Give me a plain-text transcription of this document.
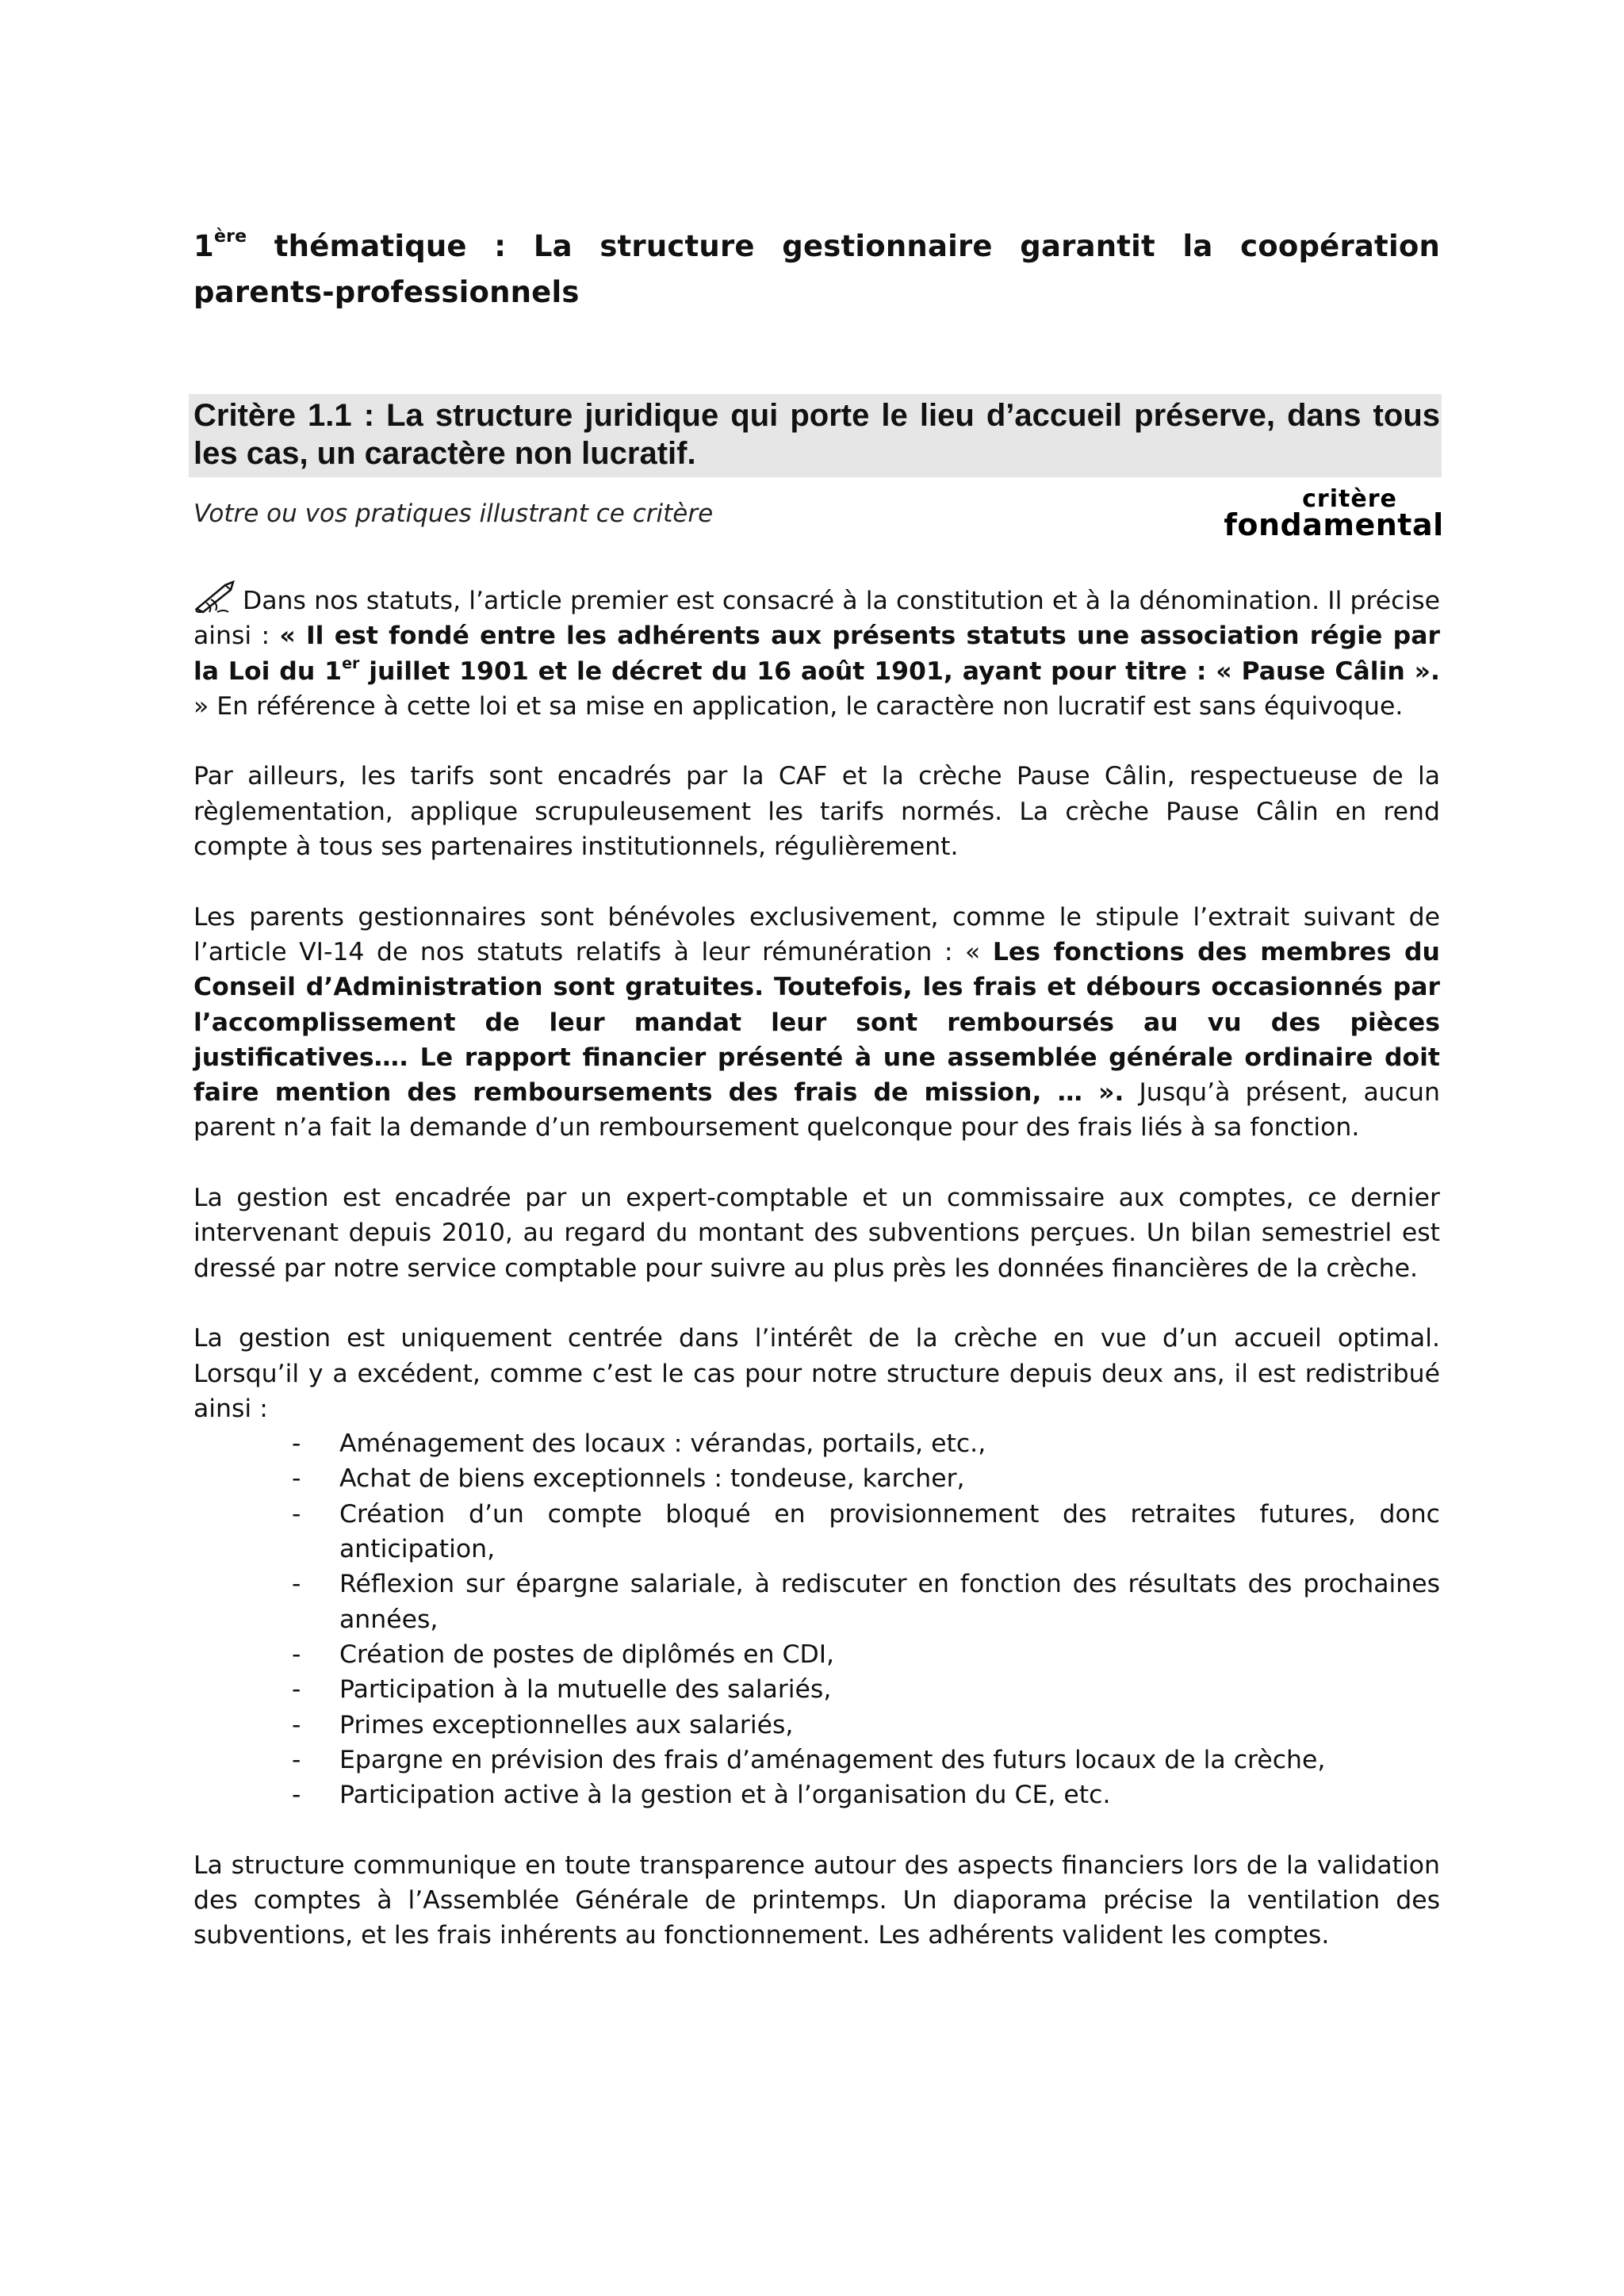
1ère thématique : La structure gestionnaire garantit la coopération parents-professionnels
Critère 1.1 : La structure juridique qui porte le lieu d’accueil préserve, dans tous les cas, un caractère non lucratif.
Votre ou vos pratiques illustrant ce critère
critère
fondamental

Dans nos statuts, l’article premier est consacré à la constitution et à la dénomination. Il précise ainsi : « Il est fondé entre les adhérents aux présents statuts une association régie par la Loi du 1er juillet 1901 et le décret du 16 août 1901, ayant pour titre : « Pause Câlin ». » En référence à cette loi et sa mise en application, le caractère non lucratif est sans équivoque.

Par ailleurs, les tarifs sont encadrés par la CAF et la crèche Pause Câlin, respectueuse de la règlementation, applique scrupuleusement les tarifs normés. La crèche Pause Câlin en rend compte à tous ses partenaires institutionnels, régulièrement.

Les parents gestionnaires sont bénévoles exclusivement, comme le stipule l’extrait suivant de l’article VI-14 de nos statuts relatifs à leur rémunération : « Les fonctions des membres du Conseil d’Administration sont gratuites. Toutefois, les frais et débours occasionnés par l’accomplissement de leur mandat leur sont remboursés au vu des pièces justificatives…. Le rapport financier présenté à une assemblée générale ordinaire doit faire mention des remboursements des frais de mission, … ». Jusqu’à présent, aucun parent n’a fait la demande d’un remboursement quelconque pour des frais liés à sa fonction.

La gestion est encadrée par un expert-comptable et un commissaire aux comptes, ce dernier intervenant depuis 2010, au regard du montant des subventions perçues. Un bilan semestriel est dressé par notre service comptable pour suivre au plus près les données financières de la crèche.

La gestion est uniquement centrée dans l’intérêt de la crèche en vue d’un accueil optimal. Lorsqu’il y a excédent, comme c’est le cas pour notre structure depuis deux ans, il est redistribué ainsi :

- Aménagement des locaux : vérandas, portails, etc.,
- Achat de biens exceptionnels : tondeuse, karcher,
- Création d’un compte bloqué en provisionnement des retraites futures, donc anticipation,
- Réflexion sur épargne salariale, à rediscuter en fonction des résultats des prochaines années,
- Création de postes de diplômés en CDI,
- Participation à la mutuelle des salariés,
- Primes exceptionnelles aux salariés,
- Epargne en prévision des frais d’aménagement des futurs locaux de la crèche,
- Participation active à la gestion et à l’organisation du CE, etc.

La structure communique en toute transparence autour des aspects financiers lors de la validation des comptes à l’Assemblée Générale de printemps. Un diaporama précise la ventilation des subventions, et les frais inhérents au fonctionnement. Les adhérents valident les comptes.
